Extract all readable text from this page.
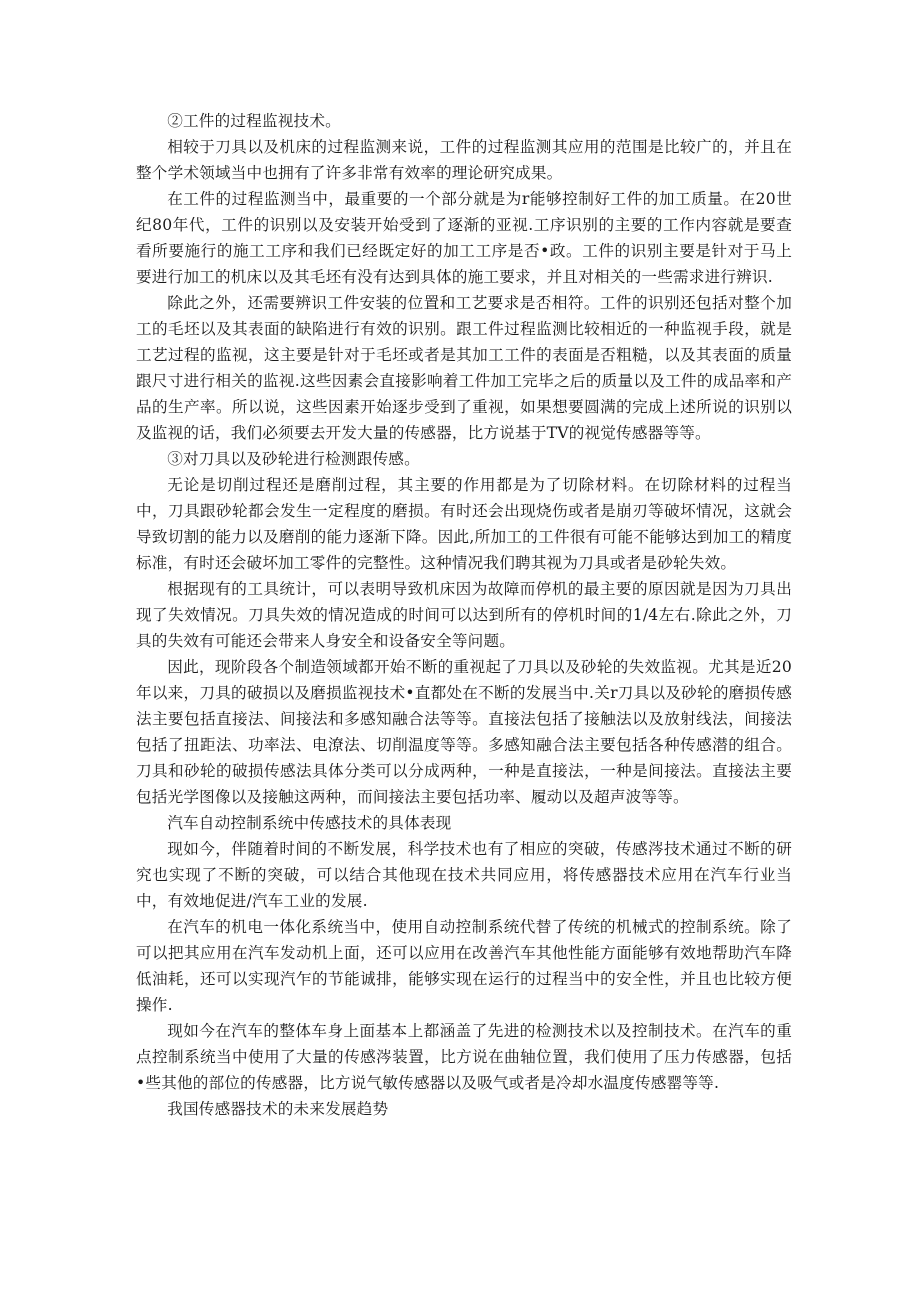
②工件的过程监视技术。

相较于刀具以及机床的过程监测来说，工件的过程监测其应用的范围是比较广的，并且在整个学术领域当中也拥有了许多非常有效率的理论研究成果。

在工件的过程监测当中，最重要的一个部分就是为r能够控制好工件的加工质量。在20世纪80年代，工件的识别以及安装开始受到了逐渐的亚视.工序识别的主要的工作内容就是要查看所要施行的施工工序和我们已经既定好的加工工序是否•政。工件的识别主要是针对于马上要进行加工的机床以及其毛坯有没有达到具体的施工要求，并且对相关的一些需求进行辨识.

除此之外，还需要辨识工件安装的位置和工艺要求是否相符。工件的识别还包括对整个加工的毛坯以及其表面的缺陷进行有效的识别。跟工件过程监测比较相近的一种监视手段，就是工艺过程的监视，这主要是针对于毛坯或者是其加工工件的表面是否粗糙，以及其表面的质量跟尺寸进行相关的监视.这些因素会直接影响着工件加工完毕之后的质量以及工件的成品率和产品的生产率。所以说，这些因素开始逐步受到了重视，如果想要圆满的完成上述所说的识别以及监视的话，我们必须要去开发大量的传感器，比方说基于TV的视觉传感器等等。

③对刀具以及砂轮进行检测跟传感。

无论是切削过程还是磨削过程，其主要的作用都是为了切除材料。在切除材料的过程当中，刀具跟砂轮都会发生一定程度的磨损。有时还会出现烧伤或者是崩刃等破坏情况，这就会导致切割的能力以及磨削的能力逐渐下降。因此,所加工的工件很有可能不能够达到加工的精度标准，有时还会破坏加工零件的完整性。这种情况我们聘其视为刀具或者是砂轮失效。

根据现有的工具统计，可以表明导致机床因为故障而停机的最主要的原因就是因为刀具出现了失效情况。刀具失效的情况造成的时间可以达到所有的停机时间的1/4左右.除此之外，刀具的失效有可能还会带来人身安全和设备安全等问题。

因此，现阶段各个制造领域都开始不断的重视起了刀具以及砂轮的失效监视。尤其是近20年以来，刀具的破损以及磨损监视技术•直都处在不断的发展当中.关r刀具以及砂轮的磨损传感法主要包括直接法、间接法和多感知融合法等等。直接法包括了接触法以及放射线法，间接法包括了扭距法、功率法、电潦法、切削温度等等。多感知融合法主要包括各种传感潜的组合。刀具和砂轮的破损传感法具体分类可以分成两种，一种是直接法，一种是间接法。直接法主要包括光学图像以及接触这两种，而间接法主要包括功率、履动以及超声波等等。

汽车自动控制系统中传感技术的具体表现

现如今，伴随着时间的不断发展，科学技术也有了相应的突破，传感涔技术通过不断的研究也实现了不断的突破，可以结合其他现在技术共同应用，将传感器技术应用在汽车行业当中，有效地促进/汽车工业的发展.

在汽车的机电一体化系统当中，使用自动控制系统代替了传统的机械式的控制系统。除了可以把其应用在汽车发动机上面，还可以应用在改善汽车其他性能方面能够有效地帮助汽车降低油耗，还可以实现汽乍的节能诚排，能够实现在运行的过程当中的安全性，并且也比较方便操作.

现如今在汽车的整体车身上面基本上都涵盖了先进的检测技术以及控制技术。在汽车的重点控制系统当中使用了大量的传感涔装置，比方说在曲轴位置，我们使用了压力传感器，包括•些其他的部位的传感器，比方说气敏传感器以及吸气或者是冷却水温度传感罂等等.

我国传感器技术的未来发展趋势
